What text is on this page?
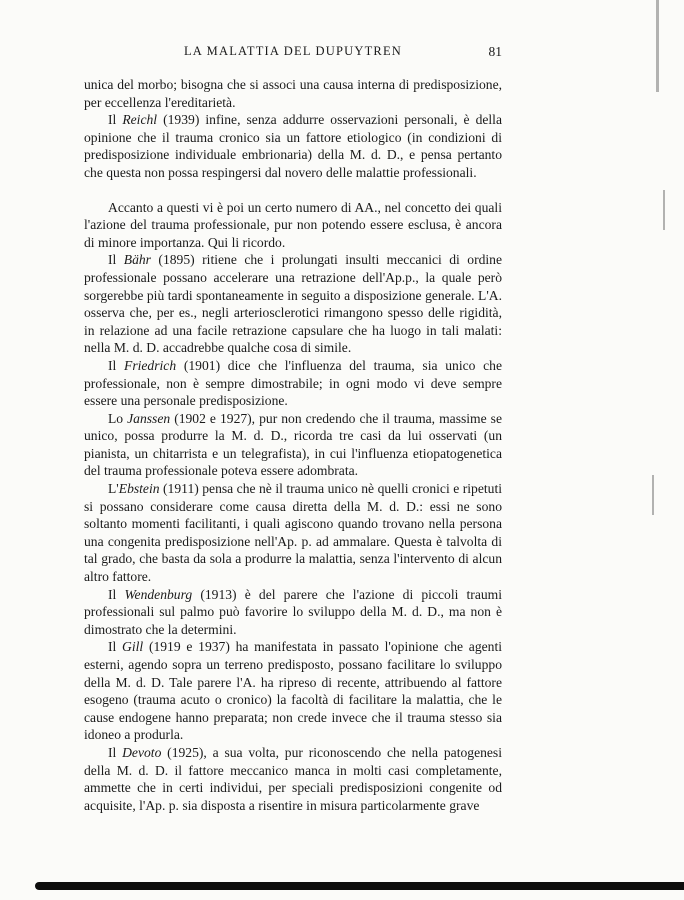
LA MALATTIA DEL DUPUYTREN	81

unica del morbo; bisogna che si associ una causa interna di predisposizione, per eccellenza l'ereditarietà.

Il Reichl (1939) infine, senza addurre osservazioni personali, è della opinione che il trauma cronico sia un fattore etiologico (in condizioni di predisposizione individuale embrionaria) della M. d. D., e pensa pertanto che questa non possa respingersi dal novero delle malattie professionali.

Accanto a questi vi è poi un certo numero di AA., nel concetto dei quali l'azione del trauma professionale, pur non potendo essere esclusa, è ancora di minore importanza. Qui li ricordo.

Il Bähr (1895) ritiene che i prolungati insulti meccanici di ordine professionale possano accelerare una retrazione dell'Ap.p., la quale però sorgerebbe più tardi spontaneamente in seguito a disposizione generale. L'A. osserva che, per es., negli arteriosclerotici rimangono spesso delle rigidità, in relazione ad una facile retrazione capsulare che ha luogo in tali malati: nella M. d. D. accadrebbe qualche cosa di simile.

Il Friedrich (1901) dice che l'influenza del trauma, sia unico che professionale, non è sempre dimostrabile; in ogni modo vi deve sempre essere una personale predisposizione.

Lo Janssen (1902 e 1927), pur non credendo che il trauma, massime se unico, possa produrre la M. d. D., ricorda tre casi da lui osservati (un pianista, un chitarrista e un telegrafista), in cui l'influenza etiopatogenetica del trauma professionale poteva essere adombrata.

L'Ebstein (1911) pensa che nè il trauma unico nè quelli cronici e ripetuti si possano considerare come causa diretta della M. d. D.: essi ne sono soltanto momenti facilitanti, i quali agiscono quando trovano nella persona una congenita predisposizione nell'Ap. p. ad ammalare. Questa è talvolta di tal grado, che basta da sola a produrre la malattia, senza l'intervento di alcun altro fattore.

Il Wendenburg (1913) è del parere che l'azione di piccoli traumi professionali sul palmo può favorire lo sviluppo della M. d. D., ma non è dimostrato che la determini.

Il Gill (1919 e 1937) ha manifestata in passato l'opinione che agenti esterni, agendo sopra un terreno predisposto, possano facilitare lo sviluppo della M. d. D. Tale parere l'A. ha ripreso di recente, attribuendo al fattore esogeno (trauma acuto o cronico) la facoltà di facilitare la malattia, che le cause endogene hanno preparata; non crede invece che il trauma stesso sia idoneo a produrla.

Il Devoto (1925), a sua volta, pur riconoscendo che nella patogenesi della M. d. D. il fattore meccanico manca in molti casi completamente, ammette che in certi individui, per speciali predisposizioni congenite od acquisite, l'Ap. p. sia disposta a risentire in misura particolarmente grave
